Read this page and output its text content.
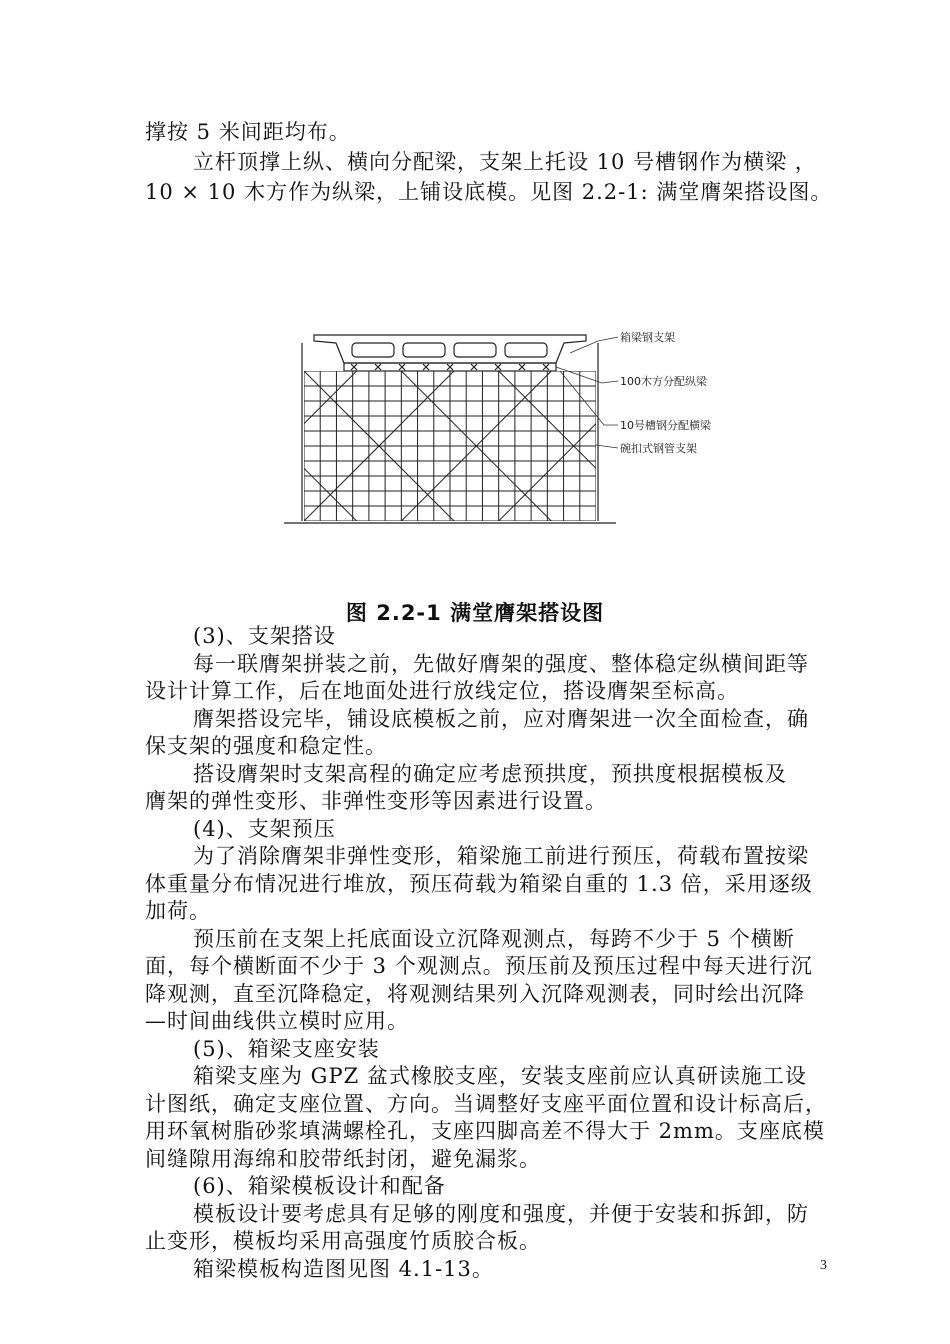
撑按 5 米间距均布。
立杆顶撑上纵、横向分配梁，支架上托设 10 号槽钢作为横梁 ，
10 × 10 木方作为纵梁，上铺设底模。见图 2.2-1: 满堂膺架搭设图。
箱梁钢支架
100木方分配纵梁
10号槽钢分配横梁
碗扣式钢管支架
图 2.2-1 满堂膺架搭设图
(3)、支架搭设
每一联膺架拼装之前，先做好膺架的强度、整体稳定纵横间距等
设计计算工作，后在地面处进行放线定位，搭设膺架至标高。
膺架搭设完毕，铺设底模板之前，应对膺架进一次全面检查，确
保支架的强度和稳定性。
搭设膺架时支架高程的确定应考虑预拱度，预拱度根据模板及
膺架的弹性变形、非弹性变形等因素进行设置。
(4)、支架预压
为了消除膺架非弹性变形，箱梁施工前进行预压，荷载布置按梁
体重量分布情况进行堆放，预压荷载为箱梁自重的 1.3 倍，采用逐级
加荷。
预压前在支架上托底面设立沉降观测点，每跨不少于 5 个横断
面，每个横断面不少于 3 个观测点。预压前及预压过程中每天进行沉
降观测，直至沉降稳定，将观测结果列入沉降观测表，同时绘出沉降
—时间曲线供立模时应用。
(5)、箱梁支座安装
箱梁支座为 GPZ 盆式橡胶支座，安装支座前应认真研读施工设
计图纸，确定支座位置、方向。当调整好支座平面位置和设计标高后，
用环氧树脂砂浆填满螺栓孔，支座四脚高差不得大于 2mm。支座底模
间缝隙用海绵和胶带纸封闭，避免漏浆。
(6)、箱梁模板设计和配备
模板设计要考虑具有足够的刚度和强度，并便于安装和拆卸，防
止变形，模板均采用高强度竹质胶合板。
箱梁模板构造图见图 4.1-13。	3
